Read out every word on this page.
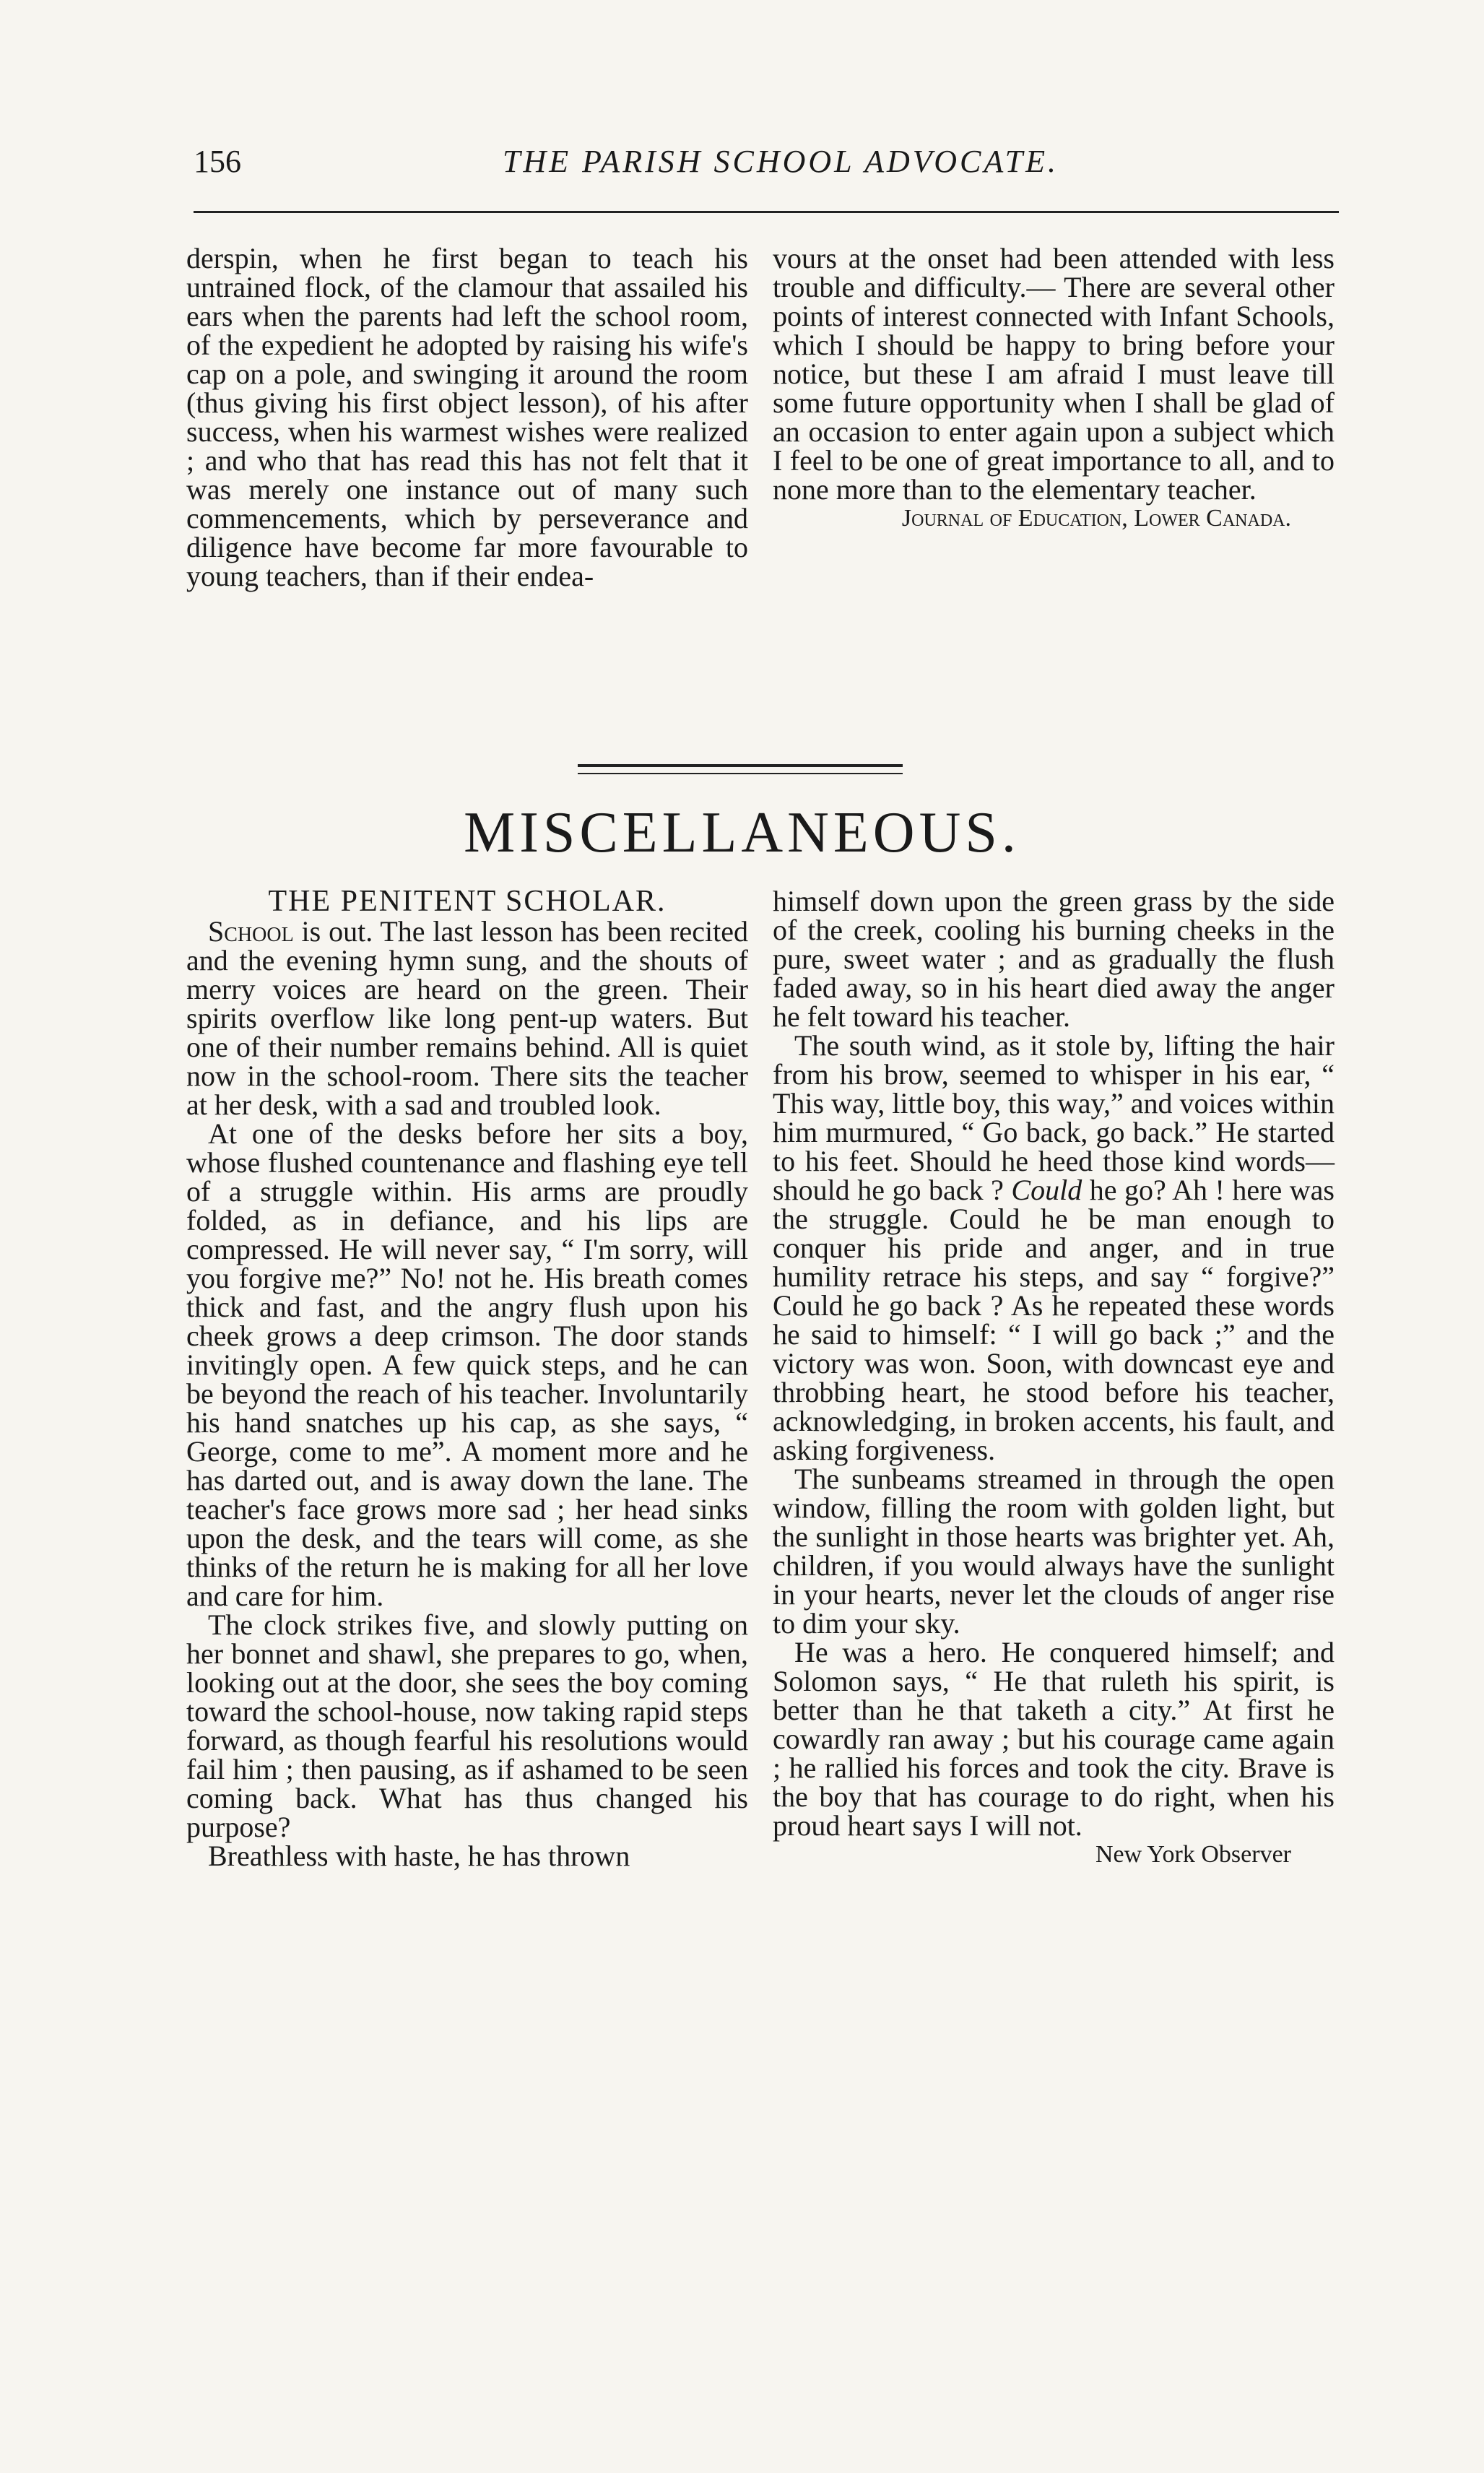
156	THE PARISH SCHOOL ADVOCATE.

derspin, when he first began to teach his untrained flock, of the clamour that assailed his ears when the parents had left the school room, of the expedient he adopted by raising his wife's cap on a pole, and swinging it around the room (thus giving his first object lesson), of his after success, when his warmest wishes were realized ; and who that has read this has not felt that it was merely one instance out of many such commencements, which by perseverance and diligence have become far more favourable to young teachers, than if their endea-

vours at the onset had been attended with less trouble and difficulty.— There are several other points of interest connected with Infant Schools, which I should be happy to bring before your notice, but these I am afraid I must leave till some future opportunity when I shall be glad of an occasion to enter again upon a subject which I feel to be one of great importance to all, and to none more than to the elementary teacher.

Journal of Education, Lower Canada.

MISCELLANEOUS.

THE PENITENT SCHOLAR.

School is out. The last lesson has been recited and the evening hymn sung, and the shouts of merry voices are heard on the green. Their spirits overflow like long pent-up waters. But one of their number remains behind. All is quiet now in the school-room. There sits the teacher at her desk, with a sad and troubled look.

At one of the desks before her sits a boy, whose flushed countenance and flashing eye tell of a struggle within. His arms are proudly folded, as in defiance, and his lips are compressed. He will never say, “ I'm sorry, will you forgive me?” No! not he. His breath comes thick and fast, and the angry flush upon his cheek grows a deep crimson. The door stands invitingly open. A few quick steps, and he can be beyond the reach of his teacher. Involuntarily his hand snatches up his cap, as she says, “ George, come to me”. A moment more and he has darted out, and is away down the lane. The teacher's face grows more sad ; her head sinks upon the desk, and the tears will come, as she thinks of the return he is making for all her love and care for him.

The clock strikes five, and slowly putting on her bonnet and shawl, she prepares to go, when, looking out at the door, she sees the boy coming toward the school-house, now taking rapid steps forward, as though fearful his resolutions would fail him ; then pausing, as if ashamed to be seen coming back. What has thus changed his purpose?

Breathless with haste, he has thrown

himself down upon the green grass by the side of the creek, cooling his burning cheeks in the pure, sweet water ; and as gradually the flush faded away, so in his heart died away the anger he felt toward his teacher.

The south wind, as it stole by, lifting the hair from his brow, seemed to whisper in his ear, “ This way, little boy, this way,” and voices within him murmured, “ Go back, go back.” He started to his feet. Should he heed those kind words—should he go back ? Could he go? Ah ! here was the struggle. Could he be man enough to conquer his pride and anger, and in true humility retrace his steps, and say “ forgive?” Could he go back ? As he repeated these words he said to himself: “ I will go back ;” and the victory was won. Soon, with downcast eye and throbbing heart, he stood before his teacher, acknowledging, in broken accents, his fault, and asking forgiveness.

The sunbeams streamed in through the open window, filling the room with golden light, but the sunlight in those hearts was brighter yet. Ah, children, if you would always have the sunlight in your hearts, never let the clouds of anger rise to dim your sky.

He was a hero. He conquered himself; and Solomon says, “ He that ruleth his spirit, is better than he that taketh a city.” At first he cowardly ran away ; but his courage came again ; he rallied his forces and took the city. Brave is the boy that has courage to do right, when his proud heart says I will not.

New York Observer
